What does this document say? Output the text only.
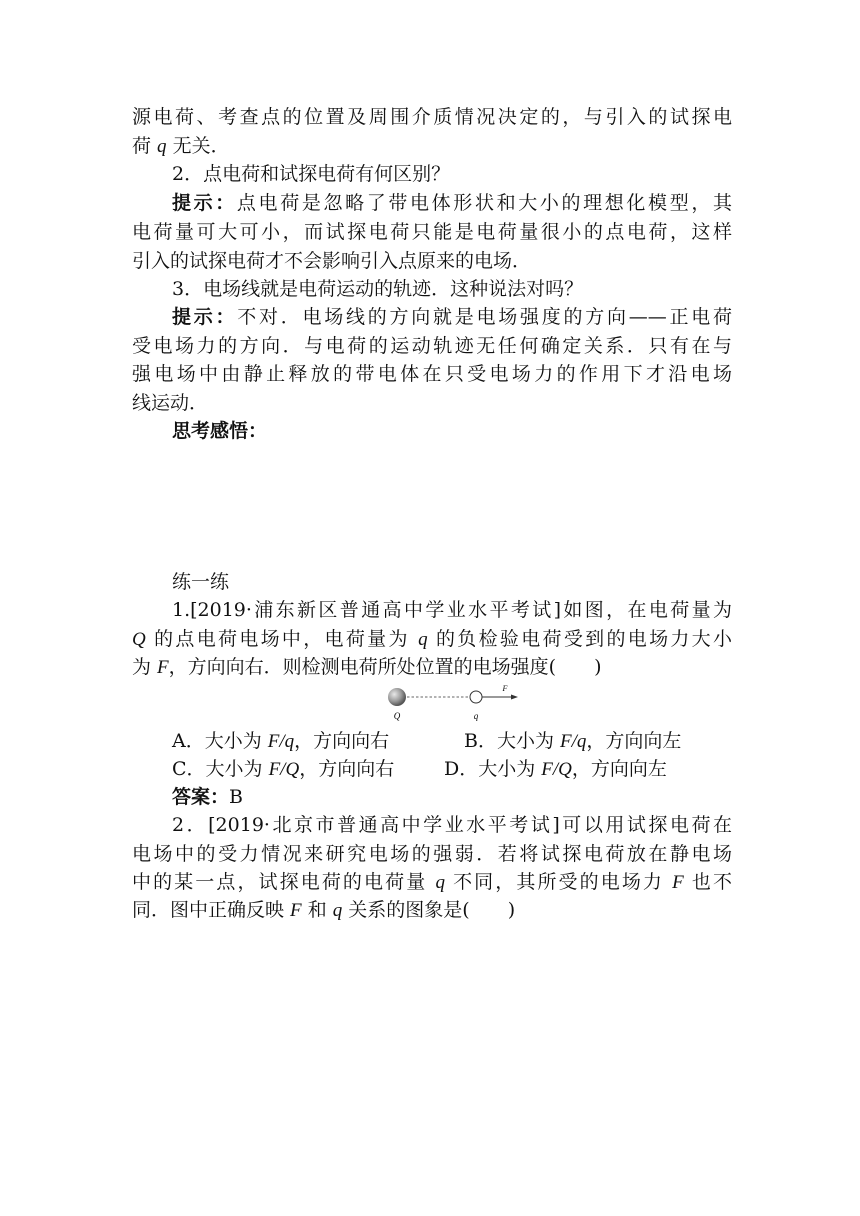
源电荷、考查点的位置及周围介质情况决定的，与引入的试探电
荷 q 无关．
2．点电荷和试探电荷有何区别？
提示：点电荷是忽略了带电体形状和大小的理想化模型，其
电荷量可大可小，而试探电荷只能是电荷量很小的点电荷，这样
引入的试探电荷才不会影响引入点原来的电场．
3．电场线就是电荷运动的轨迹．这种说法对吗？
提示：不对．电场线的方向就是电场强度的方向——正电荷
受电场力的方向．与电荷的运动轨迹无任何确定关系．只有在与
强电场中由静止释放的带电体在只受电场力的作用下才沿电场
线运动．
思考感悟：
练一练
1.[2019·浦东新区普通高中学业水平考试]如图，在电荷量为
Q 的点电荷电场中，电荷量为 q 的负检验电荷受到的电场力大小
为 F，方向向右．则检测电荷所处位置的电场强度(　　)
Q	q
F
A．大小为 F/q，方向向右	B．大小为 F/q，方向向左
C．大小为 F/Q，方向向右	D．大小为 F/Q，方向向左
答案：B
2．[2019·北京市普通高中学业水平考试]可以用试探电荷在
电场中的受力情况来研究电场的强弱．若将试探电荷放在静电场
中的某一点，试探电荷的电荷量 q 不同，其所受的电场力 F 也不
同．图中正确反映 F 和 q 关系的图象是(　　)
